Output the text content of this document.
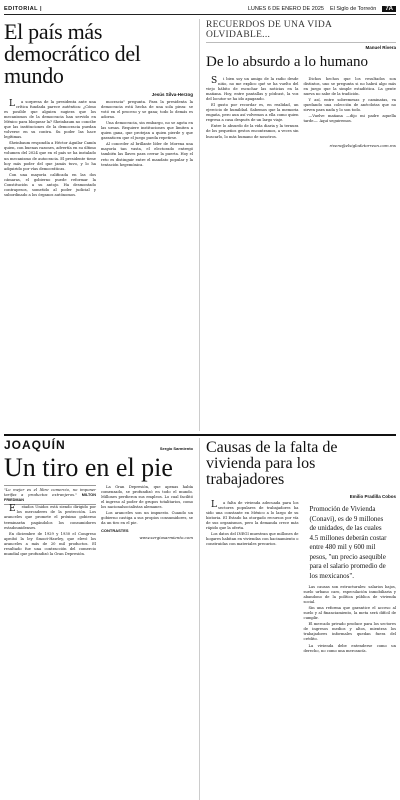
EDITORIAL |	LUNES 6 DE ENERO DE 2025 El Siglo de Torreón	7A
El país más democrático del mundo
Jesús Silva-Herzog

La sorpresa de la presidenta ante una crítica fundada parece auténtica: ¿Cómo es posible que alguien sugiera que los mecanismos de la democracia han servido en México para bloquear la? Sheinbaum no concibe que las instituciones de la democracia puedan volverse en su contra. Su poder las hace legítimas.

Sheinbaum respondía a Héctor Aguilar Camín quien, con buenas razones, advertía en su último volumen del 2024 que en el país se ha instalado un mecanismo de autocracia. El presidente tiene hoy más poder del que jamás tuvo, y lo ha adquirido por vías democráticas.

Con una mayoría calificada en las dos cámaras, el gobierno puede reformar la Constitución a su antojo. Ha desmontado contrapesos, sometido al poder judicial y subordinado a los órganos autónomos.

mocracia" pregunta. Para la presidenta la democracia está hecha de una sola pieza: se votó en el proceso y se gana; todo lo demás es adorno.

Una democracia, sin embargo, no se agota en las urnas. Requiere instituciones que limiten a quien gana, que protejan a quien pierde y que garanticen que el juego pueda repetirse.

Al conceder al brillante líder de Morena una mayoría tan vasta, el electorado entregó también las llaves para cerrar la puerta. Hoy el reto es distinguir entre el mandato popular y la tentación hegemónica.

RECUERDOS DE UNA VIDA OLVIDABLE...
Manuel Rivera
De lo absurdo a lo humano

Si bien soy un amigo de la radio desde niño, no me explico qué se ha vuelto del viejo hábito de escuchar las noticias en la mañana. Hoy, entre pantallas y pódcast, la voz del locutor se ha ido apagando.

El gusto por recordar es, en realidad, un ejercicio de humildad. Sabemos que la memoria engaña, pero aun así volvemos a ella como quien regresa a casa después de un largo viaje.

Entre lo absurdo de la vida diaria y la ternura de los pequeños gestos encontramos, a veces sin buscarlo, lo más humano de nosotros.

Dichos hechos que los resultados son distintos, uno se pregunta si no habrá algo más en juego que la simple estadística. La gente nueva no sabe de la tradición.

Y así, entre sobremesas y caminatas, va quedando una colección de anécdotas que no sirven para nada y lo son todo.

—Vuelve mañana —dijo mi padre aquella tarde—. Aquí seguiremos.

rivera@elsiglodetorreon.com.mx
JOAQUÍN	Sergio Sarmiento
Un tiro en el pie
"Lo mejor es el libre comercio, no imponer tarifas a productos extranjeros." MILTON FRIEDMAN

Estados Unidos está siendo dirigido por los mercaderes de la protección. Los aranceles que promete el próximo gobierno terminarán pagándolos los consumidores estadounidenses.

En diciembre de 1929 y 1930 el Congreso aprobó la ley Smoot-Hawley, que elevó los aranceles a más de 20 mil productos. El resultado fue una contracción del comercio mundial que profundizó la Gran Depresión.

La Gran Depresión, que apenas había comenzado, se profundizó en todo el mundo. Millones perdieron sus empleos. Lo cual facilitó el ingreso al poder de grupos totalitarios, como los nacionalsocialistas alemanes.

Los aranceles son un impuesto. Cuando un gobierno castiga a sus propios consumidores, se da un tiro en el pie.

CONTRASTES
www.sergiosarmiento.com
Causas de la falta de vivienda para los trabajadores
Emilio Pradilla Cobos

La falta de vivienda adecuada para los sectores populares de trabajadores ha sido una constante en México a lo largo de su historia. El Estado ha otorgado recursos por vía de sus organismos, pero la demanda crece más rápido que la oferta.

Los datos del INEGI muestran que millones de hogares habitan en viviendas con hacinamiento o construidas con materiales precarios.

Promoción de Vivienda (Conavi), es de 9 millones de unidades, de las cuales 4.5 millones deberán costar entre 480 mil y 600 mil pesos, "un precio asequible para el salario promedio de los mexicanos".

Las causas son estructurales: salarios bajos, suelo urbano caro, especulación inmobiliaria y abandono de la política pública de vivienda social.

Sin una reforma que garantice el acceso al suelo y al financiamiento, la meta será difícil de cumplir.

El mercado privado produce para los sectores de ingresos medios y altos, mientras los trabajadores informales quedan fuera del crédito.

La vivienda debe entenderse como un derecho, no como una mercancía.
